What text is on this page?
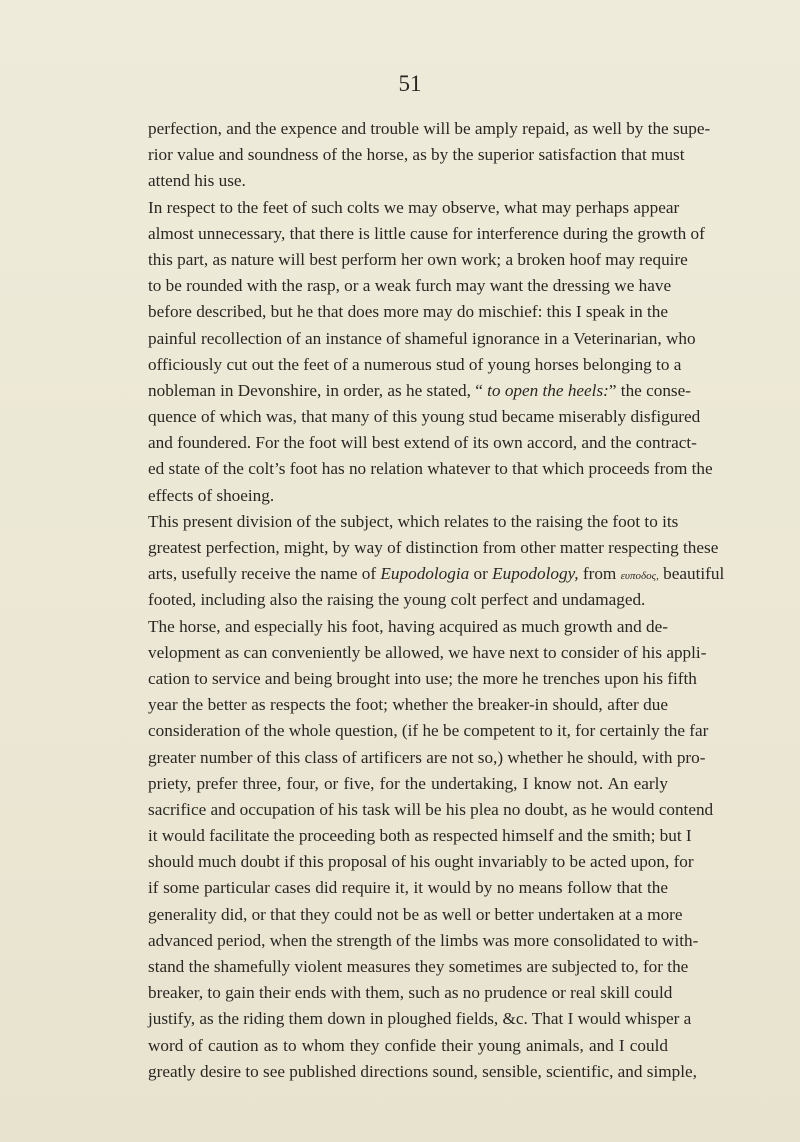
51
perfection, and the expence and trouble will be amply repaid, as well by the supe-
rior value and soundness of the horse, as by the superior satisfaction that must
attend his use.
In respect to the feet of such colts we may observe, what may perhaps appear
almost unnecessary, that there is little cause for interference during the growth of
this part, as nature will best perform her own work; a broken hoof may require
to be rounded with the rasp, or a weak furch may want the dressing we have
before described, but he that does more may do mischief: this I speak in the
painful recollection of an instance of shameful ignorance in a Veterinarian, who
officiously cut out the feet of a numerous stud of young horses belonging to a
nobleman in Devonshire, in order, as he stated, “ to open the heels:” the conse-
quence of which was, that many of this young stud became miserably disfigured
and foundered. For the foot will best extend of its own accord, and the contract-
ed state of the colt’s foot has no relation whatever to that which proceeds from the
effects of shoeing.
This present division of the subject, which relates to the raising the foot to its
greatest perfection, might, by way of distinction from other matter respecting these
arts, usefully receive the name of Eupodologia or Eupodology, from ευποδος, beautiful
footed, including also the raising the young colt perfect and undamaged.
The horse, and especially his foot, having acquired as much growth and de-
velopment as can conveniently be allowed, we have next to consider of his appli-
cation to service and being brought into use; the more he trenches upon his fifth
year the better as respects the foot; whether the breaker-in should, after due
consideration of the whole question, (if he be competent to it, for certainly the far
greater number of this class of artificers are not so,) whether he should, with pro-
priety, prefer three, four, or five, for the undertaking, I know not. An early
sacrifice and occupation of his task will be his plea no doubt, as he would contend
it would facilitate the proceeding both as respected himself and the smith; but I
should much doubt if this proposal of his ought invariably to be acted upon, for
if some particular cases did require it, it would by no means follow that the
generality did, or that they could not be as well or better undertaken at a more
advanced period, when the strength of the limbs was more consolidated to with-
stand the shamefully violent measures they sometimes are subjected to, for the
breaker, to gain their ends with them, such as no prudence or real skill could
justify, as the riding them down in ploughed fields, &c. That I would whisper a
word of caution as to whom they confide their young animals, and I could
greatly desire to see published directions sound, sensible, scientific, and simple,
